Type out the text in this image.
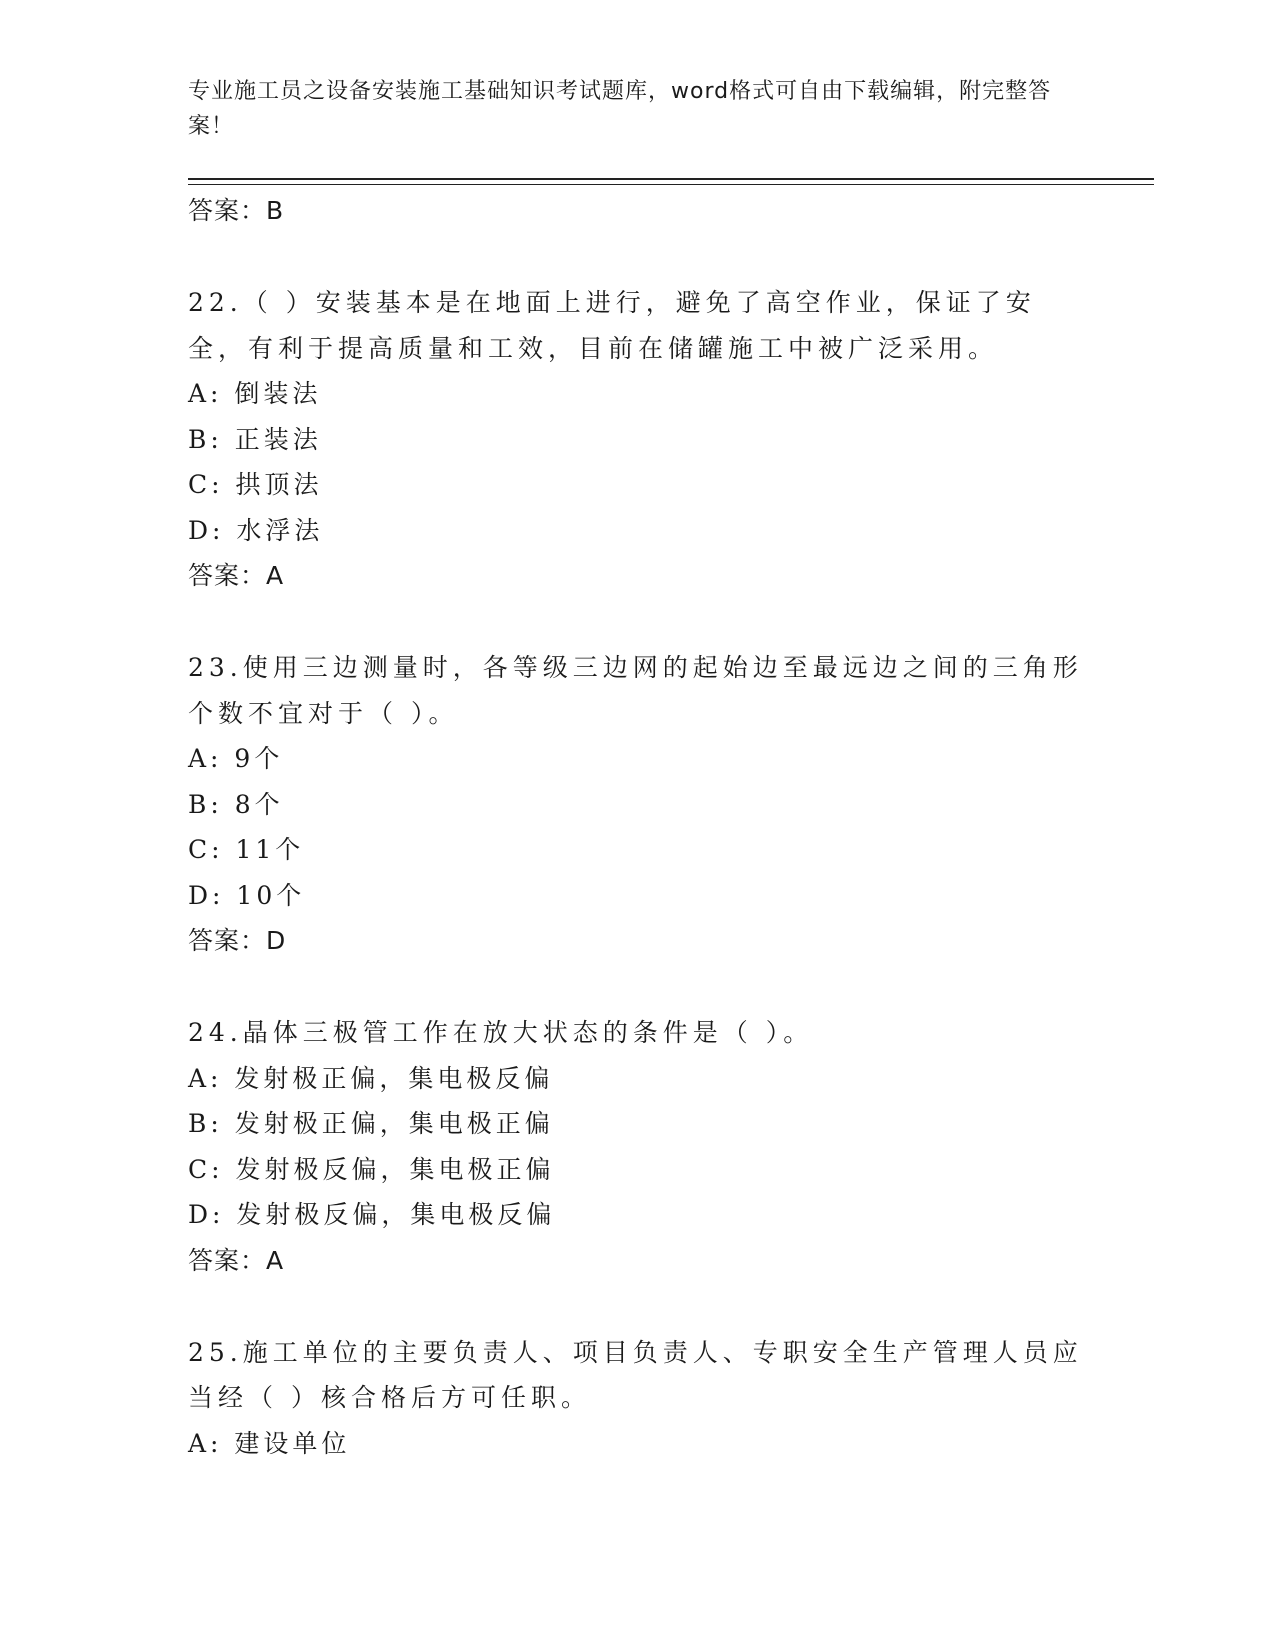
专业施工员之设备安装施工基础知识考试题库，word格式可自由下载编辑，附完整答案！
答案：B
22.（ ）安装基本是在地面上进行，避免了高空作业，保证了安全，有利于提高质量和工效，目前在储罐施工中被广泛采用。
A: 倒装法
B: 正装法
C: 拱顶法
D: 水浮法
答案：A
23.使用三边测量时，各等级三边网的起始边至最远边之间的三角形个数不宜对于（ ）。
A: 9个
B: 8个
C: 11个
D: 10个
答案：D
24.晶体三极管工作在放大状态的条件是（ ）。
A: 发射极正偏，集电极反偏
B: 发射极正偏，集电极正偏
C: 发射极反偏，集电极正偏
D: 发射极反偏，集电极反偏
答案：A
25.施工单位的主要负责人、项目负责人、专职安全生产管理人员应当经（ ）核合格后方可任职。
A: 建设单位
